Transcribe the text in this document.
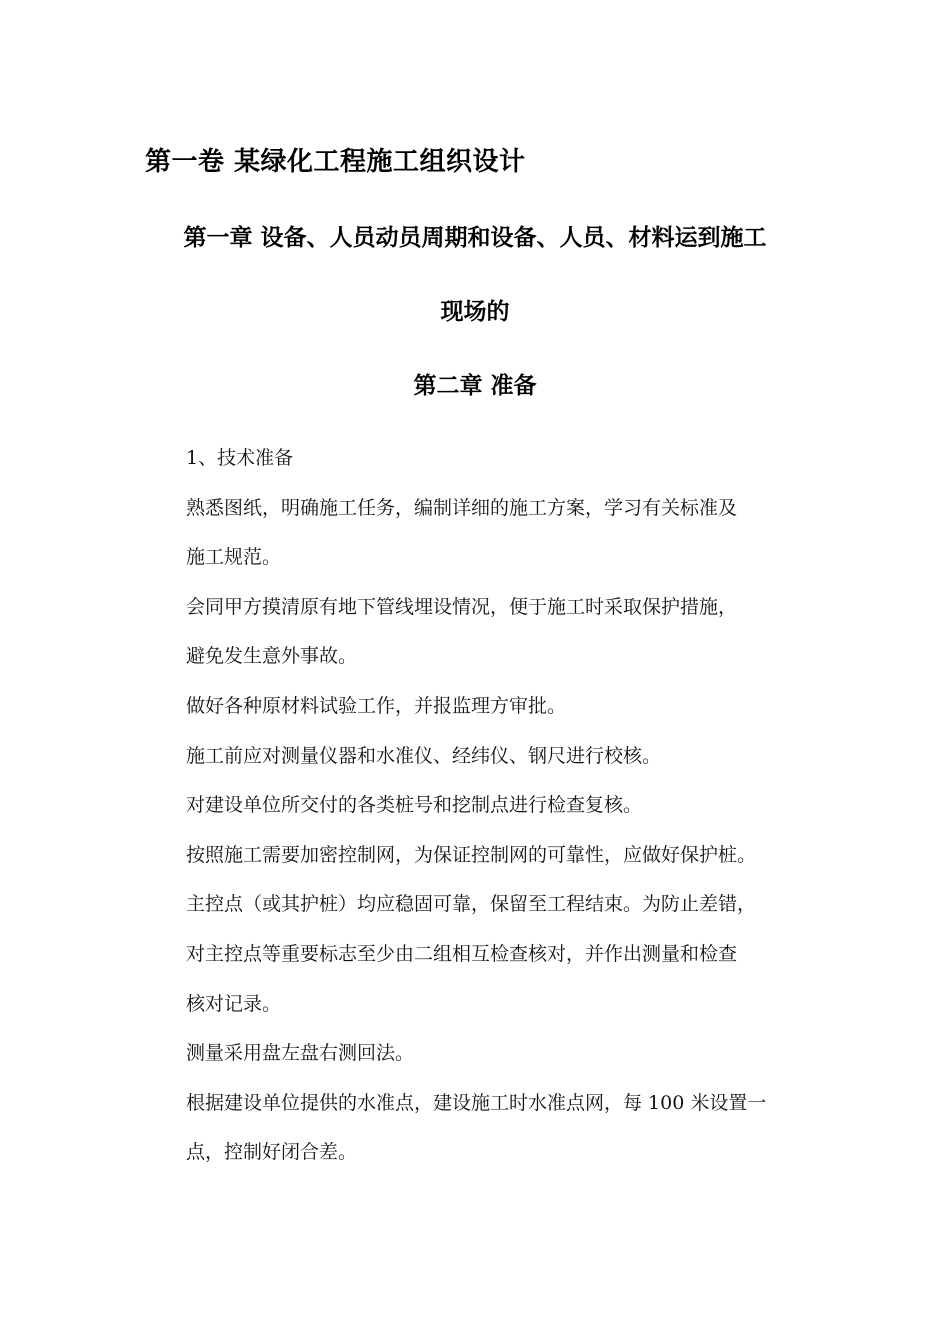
第一卷 某绿化工程施工组织设计
第一章 设备、人员动员周期和设备、人员、材料运到施工
现场的
第二章 准备
1、技术准备
熟悉图纸，明确施工任务，编制详细的施工方案，学习有关标准及
施工规范。
会同甲方摸清原有地下管线埋设情况，便于施工时采取保护措施，
避免发生意外事故。
做好各种原材料试验工作，并报监理方审批。
施工前应对测量仪器和水准仪、经纬仪、钢尺进行校核。
对建设单位所交付的各类桩号和挖制点进行检查复核。
按照施工需要加密控制网，为保证控制网的可靠性，应做好保护桩。
主控点（或其护桩）均应稳固可靠，保留至工程结束。为防止差错，
对主控点等重要标志至少由二组相互检查核对，并作出测量和检查
核对记录。
测量采用盘左盘右测回法。
根据建设单位提供的水准点，建设施工时水准点网，每 100 米设置一
点，控制好闭合差。
